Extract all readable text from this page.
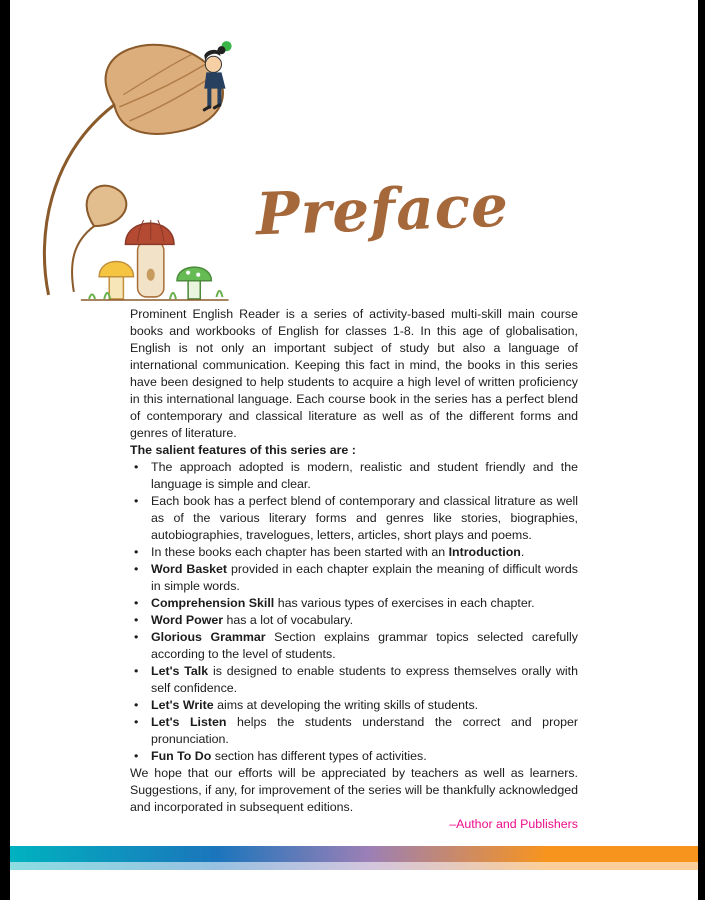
Preface

Prominent English Reader is a series of activity-based multi-skill main course books and workbooks of English for classes 1-8. In this age of globalisation, English is not only an important subject of study but also a language of international communication. Keeping this fact in mind, the books in this series have been designed to help students to acquire a high level of written proficiency in this international language. Each course book in the series has a perfect blend of contemporary and classical literature as well as of the different forms and genres of literature.

The salient features of this series are :

• The approach adopted is modern, realistic and student friendly and the language is simple and clear.
• Each book has a perfect blend of contemporary and classical litrature as well as of the various literary forms and genres like stories, biographies, autobiographies, travelogues, letters, articles, short plays and poems.
• In these books each chapter has been started with an Introduction.
• Word Basket provided in each chapter explain the meaning of difficult words in simple words.
• Comprehension Skill has various types of exercises in each chapter.
• Word Power has a lot of vocabulary.
• Glorious Grammar Section explains grammar topics selected carefully according to the level of students.
• Let's Talk is designed to enable students to express themselves orally with self confidence.
• Let's Write aims at developing the writing skills of students.
• Let's Listen helps the students understand the correct and proper pronunciation.
• Fun To Do section has different types of activities.

We hope that our efforts will be appreciated by teachers as well as learners. Suggestions, if any, for improvement of the series will be thankfully acknowledged and incorporated in subsequent editions.

–Author and Publishers
